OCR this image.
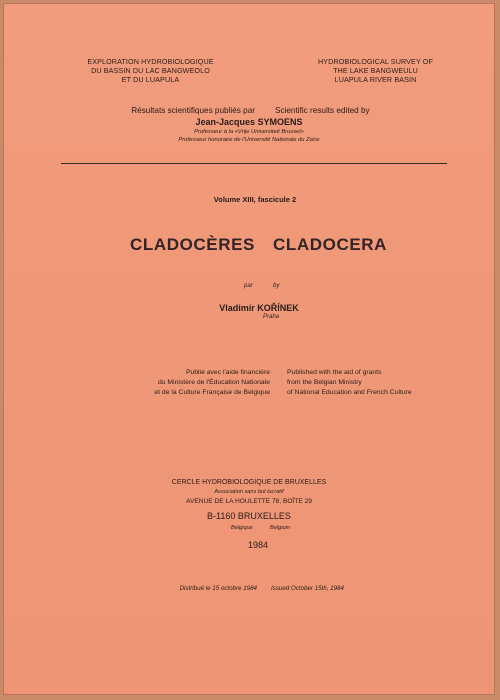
EXPLORATION HYDROBIOLOGIQUE
DU BASSIN DU LAC BANGWEOLO
ET DU LUAPULA
HYDROBIOLOGICAL SURVEY OF
THE LAKE BANGWEULU
LUAPULA RIVER BASIN
Résultats scientifiques publiés par Scientific results edited by
Jean-Jacques SYMOENS
Professeur à la «Vrije Universiteit Brussel»
Professeur honoraire de l'Université Nationale du Zaïre
Volume XIII, fascicule 2
CLADOCÈRES CLADOCERA
par	by
Vladimír KOŘÍNEK
Praha
Publié avec l'aide financière
du Ministère de l'Éducation Nationale
et de la Culture Française de Belgique
Published with the aid of grants
from the Belgian Ministry
of National Education and French Culture
CERCLE HYDROBIOLOGIQUE DE BRUXELLES
Association sans but lucratif
AVENUE DE LA HOULETTE 78, BOÎTE 29
B-1160 BRUXELLES
Belgique	Belgium
1984
Distribué le 15 octobre 1984 Issued October 15th, 1984
